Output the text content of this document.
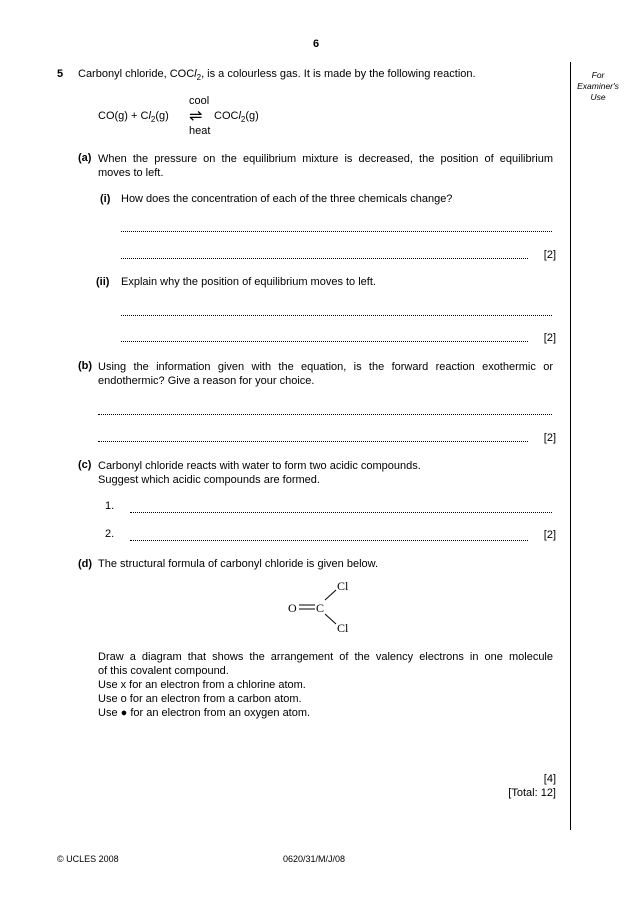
6
For
Examiner's
Use
5 Carbonyl chloride, COCl$_2$, is a colourless gas. It is made by the following reaction.
cool
$CO(g) + Cl_2(g)$ ⇌ COCl$_2$(g)
heat
(a) When the pressure on the equilibrium mixture is decreased, the position of equilibrium
moves to left.
(i) How does the concentration of each of the three chemicals change?
[2]
(ii) Explain why the position of equilibrium moves to left.
[2]
(b) Using the information given with the equation, is the forward reaction exothermic or
endothermic? Give a reason for your choice.
[2]
(c) Carbonyl chloride reacts with water to form two acidic compounds.
Suggest which acidic compounds are formed.
1.
2.	[2]
(d) The structural formula of carbonyl chloride is given below.
O C
Cl
Cl
Draw a diagram that shows the arrangement of the valency electrons in one molecule
of this covalent compound.
Use x for an electron from a chlorine atom.
Use o for an electron from a carbon atom.
Use ● for an electron from an oxygen atom.
[4]
[Total: 12]
© UCLES 2008	0620/31/M/J/08
